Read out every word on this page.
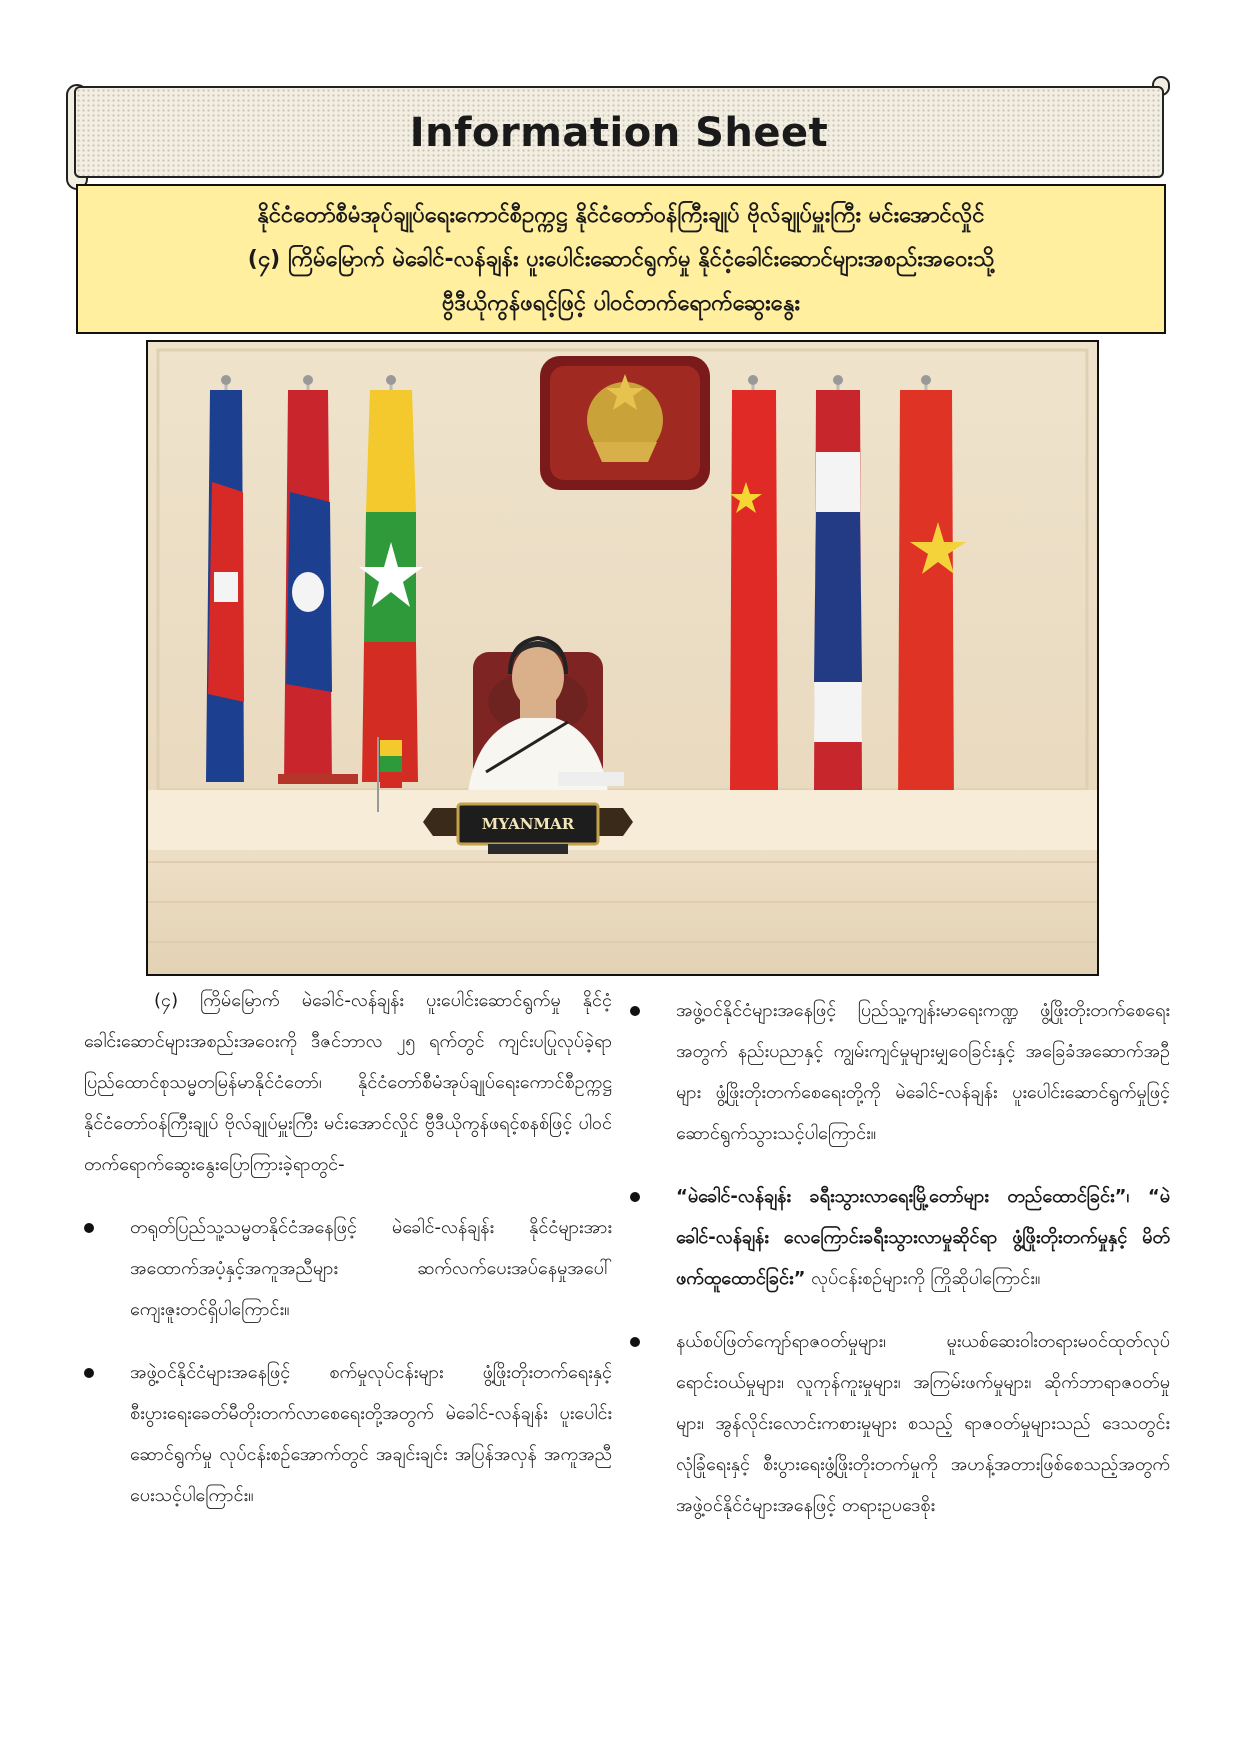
Information Sheet

နိုင်ငံတော်စီမံအုပ်ချုပ်ရေးကောင်စီဥက္ကဋ္ဌ နိုင်ငံတော်ဝန်ကြီးချုပ် ဗိုလ်ချုပ်မှူးကြီး မင်းအောင်လှိုင်

(၄) ကြိမ်မြောက် မဲခေါင်-လန်ချန်း ပူးပေါင်းဆောင်ရွက်မှု နိုင်ငံ့ခေါင်းဆောင်များအစည်းအဝေးသို့

ဗွီဒီယိုကွန်ဖရင့်ဖြင့် ပါဝင်တက်ရောက်ဆွေးနွေး

MYANMAR

(၄) ကြိမ်မြောက် မဲခေါင်-လန်ချန်း ပူးပေါင်းဆောင်ရွက်မှု နိုင်ငံ့ခေါင်းဆောင်များအစည်းအဝေးကို ဒီဇင်ဘာလ ၂၅ ရက်တွင် ကျင်းပပြုလုပ်ခဲ့ရာ ပြည်ထောင်စုသမ္မတမြန်မာနိုင်ငံတော်၊ နိုင်ငံတော်စီမံအုပ်ချုပ်ရေးကောင်စီဥက္ကဋ္ဌ နိုင်ငံတော်ဝန်ကြီးချုပ် ဗိုလ်ချုပ်မှူးကြီး မင်းအောင်လှိုင် ဗွီဒီယိုကွန်ဖရင့်စနစ်ဖြင့် ပါဝင်တက်ရောက်ဆွေးနွေးပြောကြားခဲ့ရာတွင်-

တရုတ်ပြည်သူ့သမ္မတနိုင်ငံအနေဖြင့် မဲခေါင်-လန်ချန်း နိုင်ငံများအား အထောက်အပံ့နှင့်အကူအညီများ ဆက်လက်ပေးအပ်နေမှုအပေါ် ကျေးဇူးတင်ရှိပါကြောင်း။
အဖွဲ့ဝင်နိုင်ငံများအနေဖြင့် စက်မှုလုပ်ငန်းများ ဖွံ့ဖြိုးတိုးတက်ရေးနှင့် စီးပွားရေးခေတ်မီတိုးတက်လာစေရေးတို့အတွက် မဲခေါင်-လန်ချန်း ပူးပေါင်းဆောင်ရွက်မှု လုပ်ငန်းစဉ်အောက်တွင် အချင်းချင်း အပြန်အလှန် အကူအညီပေးသင့်ပါကြောင်း။
အဖွဲ့ဝင်နိုင်ငံများအနေဖြင့် ပြည်သူ့ကျန်းမာရေးကဏ္ဍ ဖွံ့ဖြိုးတိုးတက်စေရေးအတွက် နည်းပညာနှင့် ကျွမ်းကျင်မှုများမျှဝေခြင်းနှင့် အခြေခံအဆောက်အဦများ ဖွံ့ဖြိုးတိုးတက်စေရေးတို့ကို မဲခေါင်-လန်ချန်း ပူးပေါင်းဆောင်ရွက်မှုဖြင့် ဆောင်ရွက်သွားသင့်ပါကြောင်း။
“မဲခေါင်-လန်ချန်း ခရီးသွားလာရေးမြို့တော်များ တည်ထောင်ခြင်း”၊ “မဲခေါင်-လန်ချန်း လေကြောင်းခရီးသွားလာမှုဆိုင်ရာ ဖွံ့ဖြိုးတိုးတက်မှုနှင့် မိတ်ဖက်ထူထောင်ခြင်း” လုပ်ငန်းစဉ်များကို ကြိုဆိုပါကြောင်း။
နယ်စပ်ဖြတ်ကျော်ရာဇဝတ်မှုများ၊ မူးယစ်ဆေးဝါးတရားမဝင်ထုတ်လုပ်ရောင်းဝယ်မှုများ၊ လူကုန်ကူးမှုများ၊ အကြမ်းဖက်မှုများ၊ ဆိုက်ဘာရာဇဝတ်မှုများ၊ အွန်လိုင်းလောင်းကစားမှုများ စသည့် ရာဇဝတ်မှုများသည် ဒေသတွင်းလုံခြုံရေးနှင့် စီးပွားရေးဖွံ့ဖြိုးတိုးတက်မှုကို အဟန့်အတားဖြစ်စေသည့်အတွက် အဖွဲ့ဝင်နိုင်ငံများအနေဖြင့် တရားဥပဒေစိုး
